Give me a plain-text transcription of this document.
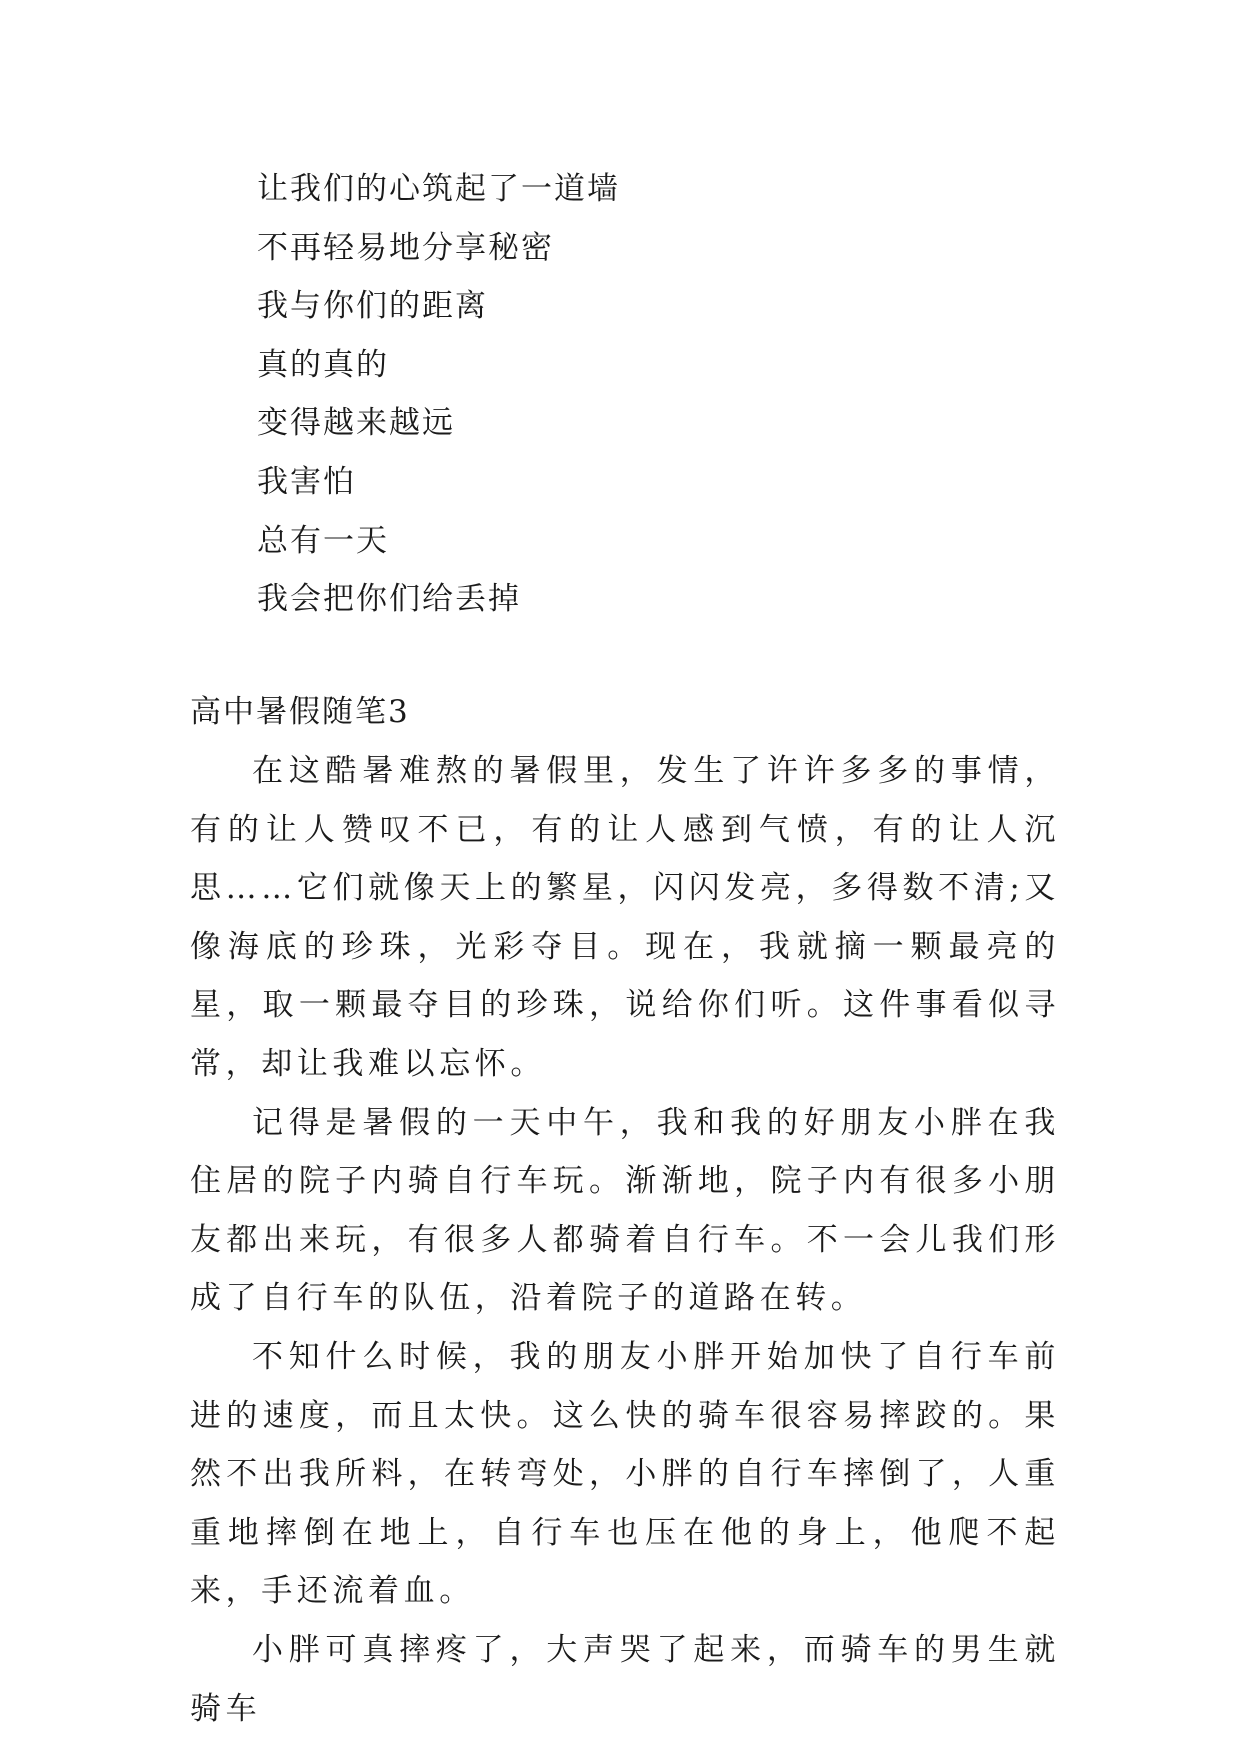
让我们的心筑起了一道墙
不再轻易地分享秘密
我与你们的距离
真的真的
变得越来越远
我害怕
总有一天
我会把你们给丢掉
高中暑假随笔3

在这酷暑难熬的暑假里，发生了许许多多的事情，有的让人赞叹不已，有的让人感到气愤，有的让人沉思……它们就像天上的繁星，闪闪发亮，多得数不清;又像海底的珍珠，光彩夺目。现在，我就摘一颗最亮的星，取一颗最夺目的珍珠，说给你们听。这件事看似寻常，却让我难以忘怀。

记得是暑假的一天中午，我和我的好朋友小胖在我住居的院子内骑自行车玩。渐渐地，院子内有很多小朋友都出来玩，有很多人都骑着自行车。不一会儿我们形成了自行车的队伍，沿着院子的道路在转。

不知什么时候，我的朋友小胖开始加快了自行车前进的速度，而且太快。这么快的骑车很容易摔跤的。果然不出我所料，在转弯处，小胖的自行车摔倒了，人重重地摔倒在地上，自行车也压在他的身上，他爬不起来，手还流着血。

小胖可真摔疼了，大声哭了起来，而骑车的男生就骑车
